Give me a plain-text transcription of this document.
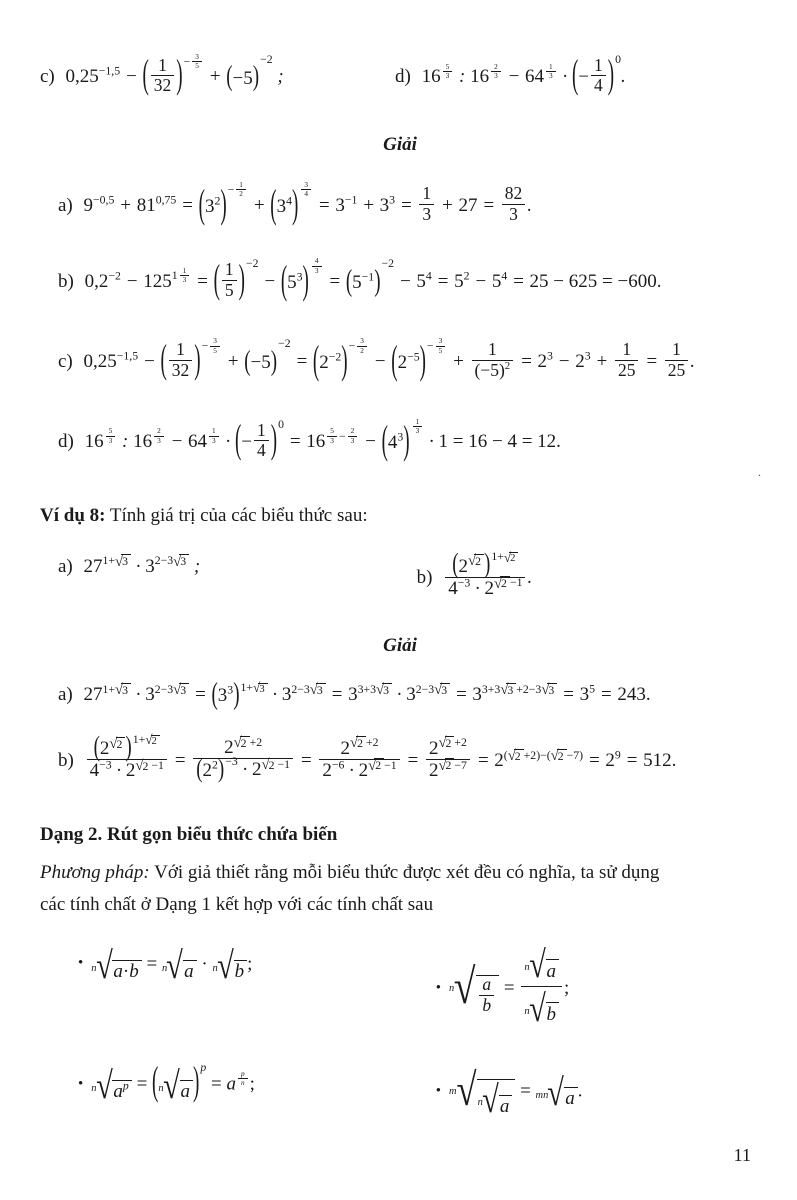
c) $0,25^{-1,5}$ − ( $\frac{1}{32}$ )− $\frac{3}{5}$
+ (−5)−2 ;	d) 16 $^{\frac{5}{3}}$ : 16 $^{\frac{2}{3}}$ − 64 $^{\frac{1}{3}}$ · (− $\frac{1}{4} )0$.
Giải
a) $9^{-0,5} + 81^{0,75} = (3^2)- \frac{1}{2}$
+ $(3^4) \frac{3}{4}$
= $3^{-1} + 3^3 = \frac{1}{3} + 27 = \frac{82}{3}$ .
b) $0,2^{-2} - 125^{1 \frac{1}{3}}$ = ( $\frac{1}{5} )-2 - (5^3) \frac{4}{3}$
= $(5^{-1})-2 - 5^4 = 5^2 - 5^4 = 25 - 625 = -600$.
c) $0,25^{-1,5}$ − ( $\frac{1}{32}$ )− $\frac{3}{5}$
+ $(-5)-2 = (2^{-2})- \frac{3}{2}$
− $(2^{-5})- \frac{3}{5}$
+ $\frac{1}{(-5)^2} = 2^3 - 2^3 + \frac{1}{25} = \frac{1}{25}$ .
d) 16 $^{\frac{5}{3}}$ : 16 $^{\frac{2}{3}}$ − 64 $^{\frac{1}{3}}$ · (− $\frac{1}{4} )0 = 16$ $^{\frac{5}{3} - \frac{2}{3}} - (4^3) \frac{1}{3}$
· 1 = 16 − 4 = 12.
Ví dụ 8: Tính giá trị của các biểu thức sau:
a) $27^{1+√3} \cdot 3^{2-3√3}$ ;
$b) \frac{(2^{√2} )1+√2}{4^{-3} \cdot 2^{√2 -1}}$ .
Giải
a) $27^{1+√3} \cdot 3^{2-3√3} = (3^3)1+√3 \cdot 3^{2-3√3} = 3^{3+3√3} \cdot 3^{2-3√3} = 3^{3+3√3 +2-3√3} = 3^5 = 243$.
$b) \frac{(2^{√2} )1+√2}{4^{-3} \cdot 2^{√2 -1}} = \frac{2^{√2 +2}}{(2^2)-3 \cdot 2^{√2 -1}} = \frac{2^{√2 +2}}{2^{-6} \cdot 2^{√2 -1}} = \frac{2^{√2 +2}}{2^{√2 -7}} = 2^{(√2 +2)-(√2 -7)} = 2^9 = 512$.
Dạng 2. Rút gọn biểu thức chứa biến
Phương pháp: Với giả thiết rằng mỗi biểu thức được xét đều có nghĩa, ta sử dụng
các tính chất ở Dạng 1 kết hợp với các tính chất sau
• $^n$√a·b = $^n$√a · $^n$√b ;
• $^n√ \frac{a}{b} = \frac{^n√a}{^n√b}$ ;
• $^n√a^p = (^n√a$ )p = a $^{\frac{p}{n}}$ ;	• $^m$√ $^n$√a = $^{mn}$√a .
.
11
